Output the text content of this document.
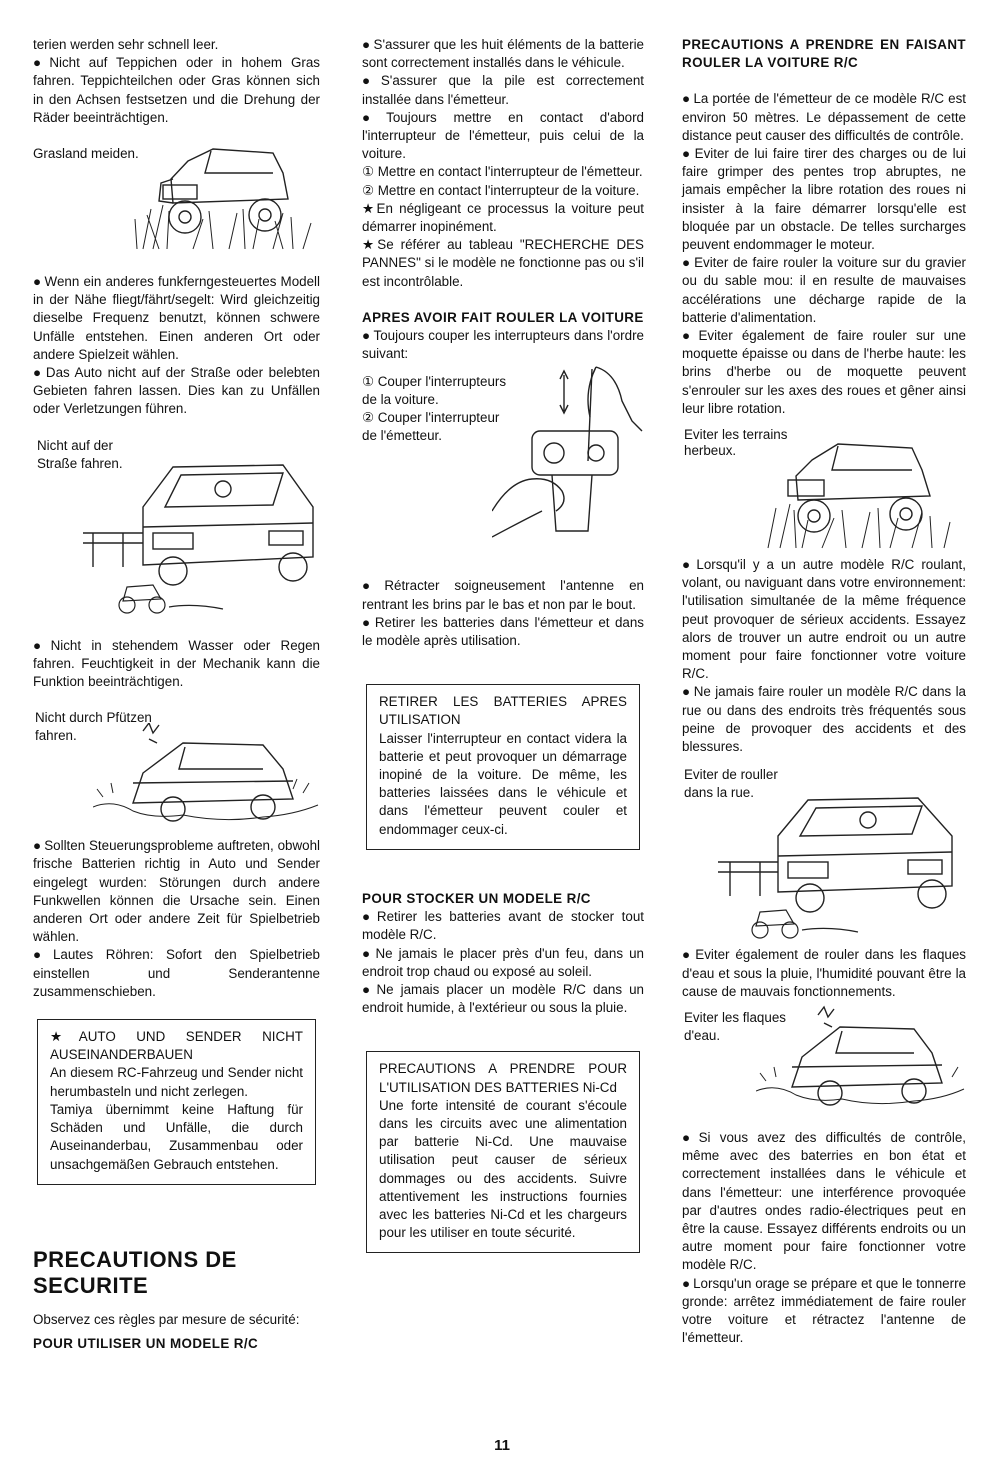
terien werden sehr schnell leer.

● Nicht auf Teppichen oder in hohem Gras fahren. Teppichteilchen oder Gras können sich in den Achsen festsetzen und die Drehung der Räder beeinträchtigen.

Grasland meiden.

● Wenn ein anderes funkferngesteuertes Modell in der Nähe fliegt/fährt/segelt: Wird gleichzeitig dieselbe Frequenz benutzt, können schwere Unfälle entstehen. Einen anderen Ort oder andere Spielzeit wählen.

● Das Auto nicht auf der Straße oder belebten Gebieten fahren lassen. Dies kan zu Unfällen oder Verletzungen führen.

Nicht auf der

Straße fahren.

● Nicht in stehendem Wasser oder Regen fahren. Feuchtigkeit in der Mechanik kann die Funktion beeinträchtigen.

Nicht durch Pfützen

fahren.

● Sollten Steuerungsprobleme auftreten, obwohl frische Batterien richtig in Auto und Sender eingelegt wurden: Störungen durch andere Funkwellen können die Ursache sein. Einen anderen Ort oder andere Zeit für Spielbetrieb wählen.

● Lautes Röhren: Sofort den Spielbetrieb einstellen und Senderantenne zusammenschieben.

★AUTO UND SENDER NICHT AUSEINANDERBAUEN

An diesem RC-Fahrzeug und Sender nicht herumbasteln und nicht zerlegen.

Tamiya übernimmt keine Haftung für Schäden und Unfälle, die durch Auseinanderbau, Zusammenbau oder unsachgemäßen Gebrauch entstehen.

PRECAUTIONS DE

SECURITE

Observez ces règles par mesure de sécurité:

POUR UTILISER UN MODELE R/C

● S'assurer que les huit éléments de la batterie sont correctement installés dans le véhicule.

● S'assurer que la pile est correctement installée dans l'émetteur.

● Toujours mettre en contact d'abord l'interrupteur de l'émetteur, puis celui de la voiture.

① Mettre en contact l'interrupteur de l'émetteur.

② Mettre en contact l'interrupteur de la voiture.

★En négligeant ce processus la voiture peut démarrer inopinément.

★Se référer au tableau "RECHERCHE DES PANNES" si le modèle ne fonctionne pas ou s'il est incontrôlable.

APRES AVOIR FAIT ROULER LA VOITURE

● Toujours couper les interrupteurs dans l'ordre suivant:

① Couper l'interrupteurs

de la voiture.

② Couper l'interrupteur

de l'émetteur.

● Rétracter soigneusement l'antenne en rentrant les brins par le bas et non par le bout.

● Retirer les batteries dans l'émetteur et dans le modèle après utilisation.

RETIRER LES BATTERIES APRES UTILISATION

Laisser l'interrupteur en contact videra la batterie et peut provoquer un démarrage inopiné de la voiture. De même, les batteries laissées dans le véhicule et dans l'émetteur peuvent couler et endommager ceux-ci.

POUR STOCKER UN MODELE R/C

● Retirer les batteries avant de stocker tout modèle R/C.

● Ne jamais le placer près d'un feu, dans un endroit trop chaud ou exposé au soleil.

● Ne jamais placer un modèle R/C dans un endroit humide, à l'extérieur ou sous la pluie.

PRECAUTIONS A PRENDRE POUR L'UTILISATION DES BATTERIES Ni-Cd

Une forte intensité de courant s'écoule dans les circuits avec une alimentation par batterie Ni-Cd. Une mauvaise utilisation peut causer de sérieux dommages ou des accidents. Suivre attentivement les instructions fournies avec les batteries Ni-Cd et les chargeurs pour les utiliser en toute sécurité.

PRECAUTIONS A PRENDRE EN FAISANT ROULER LA VOITURE R/C

● La portée de l'émetteur de ce modèle R/C est environ 50 mètres. Le dépassement de cette distance peut causer des difficultés de contrôle.

● Eviter de lui faire tirer des charges ou de lui faire grimper des pentes trop abruptes, ne jamais empêcher la libre rotation des roues ni insister à la faire démarrer lorsqu'elle est bloquée par un obstacle. De telles surcharges peuvent endommager le moteur.

● Eviter de faire rouler la voiture sur du gravier ou du sable mou: il en resulte de mauvaises accélérations une décharge rapide de la batterie d'alimentation.

● Eviter également de faire rouler sur une moquette épaisse ou dans de l'herbe haute: les brins d'herbe ou de moquette peuvent s'enrouler sur les axes des roues et gêner ainsi leur libre rotation.

Eviter les terrains

herbeux.

● Lorsqu'il y a un autre modèle R/C roulant, volant, ou naviguant dans votre environnement: l'utilisation simultanée de la même fréquence peut provoquer de sérieux accidents. Essayez alors de trouver un autre endroit ou un autre moment pour faire fonctionner votre voiture R/C.

● Ne jamais faire rouler un modèle R/C dans la rue ou dans des endroits très fréquentés sous peine de provoquer des accidents et des blessures.

Eviter de rouller

dans la rue.

● Eviter également de rouler dans les flaques d'eau et sous la pluie, l'humidité pouvant être la cause de mauvais fonctionnements.

Eviter les flaques

d'eau.

● Si vous avez des difficultés de contrôle, même avec des baterries en bon état et correctement installées dans le véhicule et dans l'émetteur: une interférence provoquée par d'autres ondes radio-électriques peut en être la cause. Essayez différents endroits ou un autre moment pour faire fonctionner votre modèle R/C.

● Lorsqu'un orage se prépare et que le tonnerre gronde: arrêtez immédiatement de faire rouler votre voiture et rétractez l'antenne de l'émetteur.

11
